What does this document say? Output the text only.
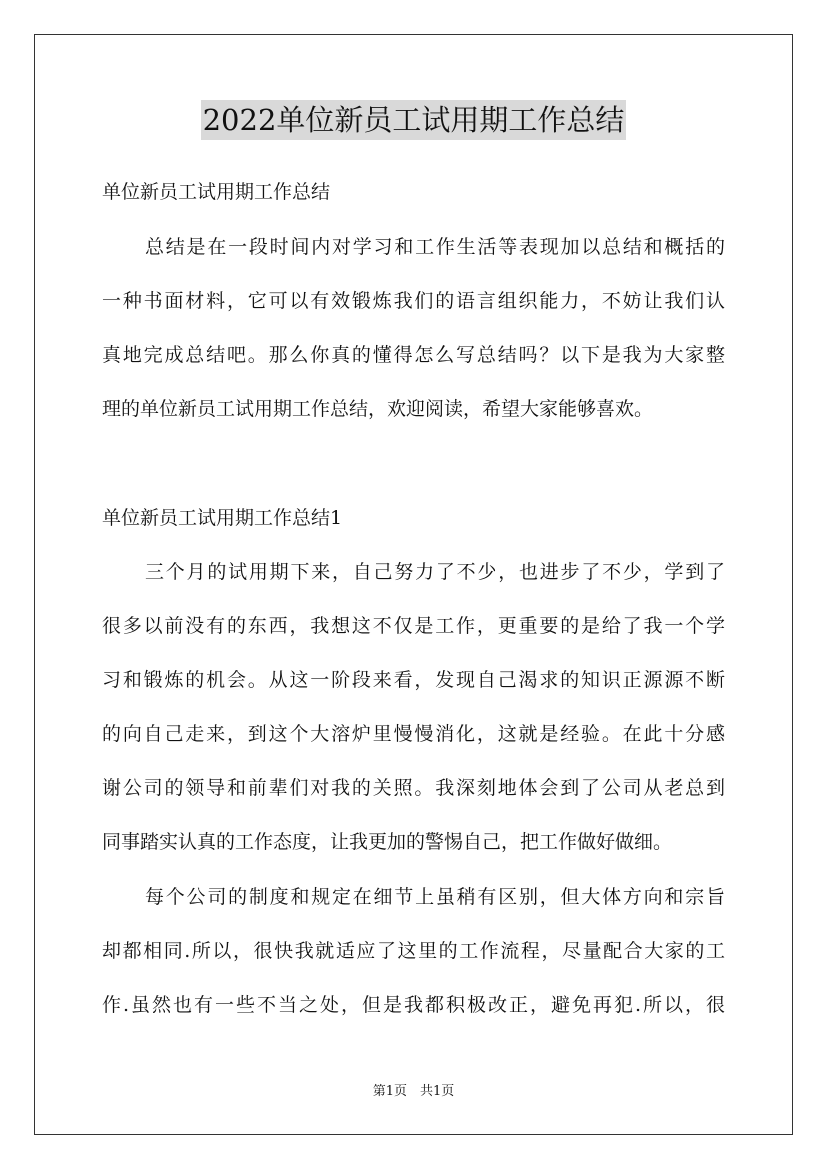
2022单位新员工试用期工作总结
单位新员工试用期工作总结
总结是在一段时间内对学习和工作生活等表现加以总结和概括的
一种书面材料，它可以有效锻炼我们的语言组织能力，不妨让我们认
真地完成总结吧。那么你真的懂得怎么写总结吗？以下是我为大家整
理的单位新员工试用期工作总结，欢迎阅读，希望大家能够喜欢。
单位新员工试用期工作总结1
三个月的试用期下来，自己努力了不少，也进步了不少，学到了
很多以前没有的东西，我想这不仅是工作，更重要的是给了我一个学
习和锻炼的机会。从这一阶段来看，发现自己渴求的知识正源源不断
的向自己走来，到这个大溶炉里慢慢消化，这就是经验。在此十分感
谢公司的领导和前辈们对我的关照。我深刻地体会到了公司从老总到
同事踏实认真的工作态度，让我更加的警惕自己，把工作做好做细。
每个公司的制度和规定在细节上虽稍有区别，但大体方向和宗旨
却都相同.所以，很快我就适应了这里的工作流程，尽量配合大家的工
作.虽然也有一些不当之处，但是我都积极改正，避免再犯.所以，很
第1页　共1页
